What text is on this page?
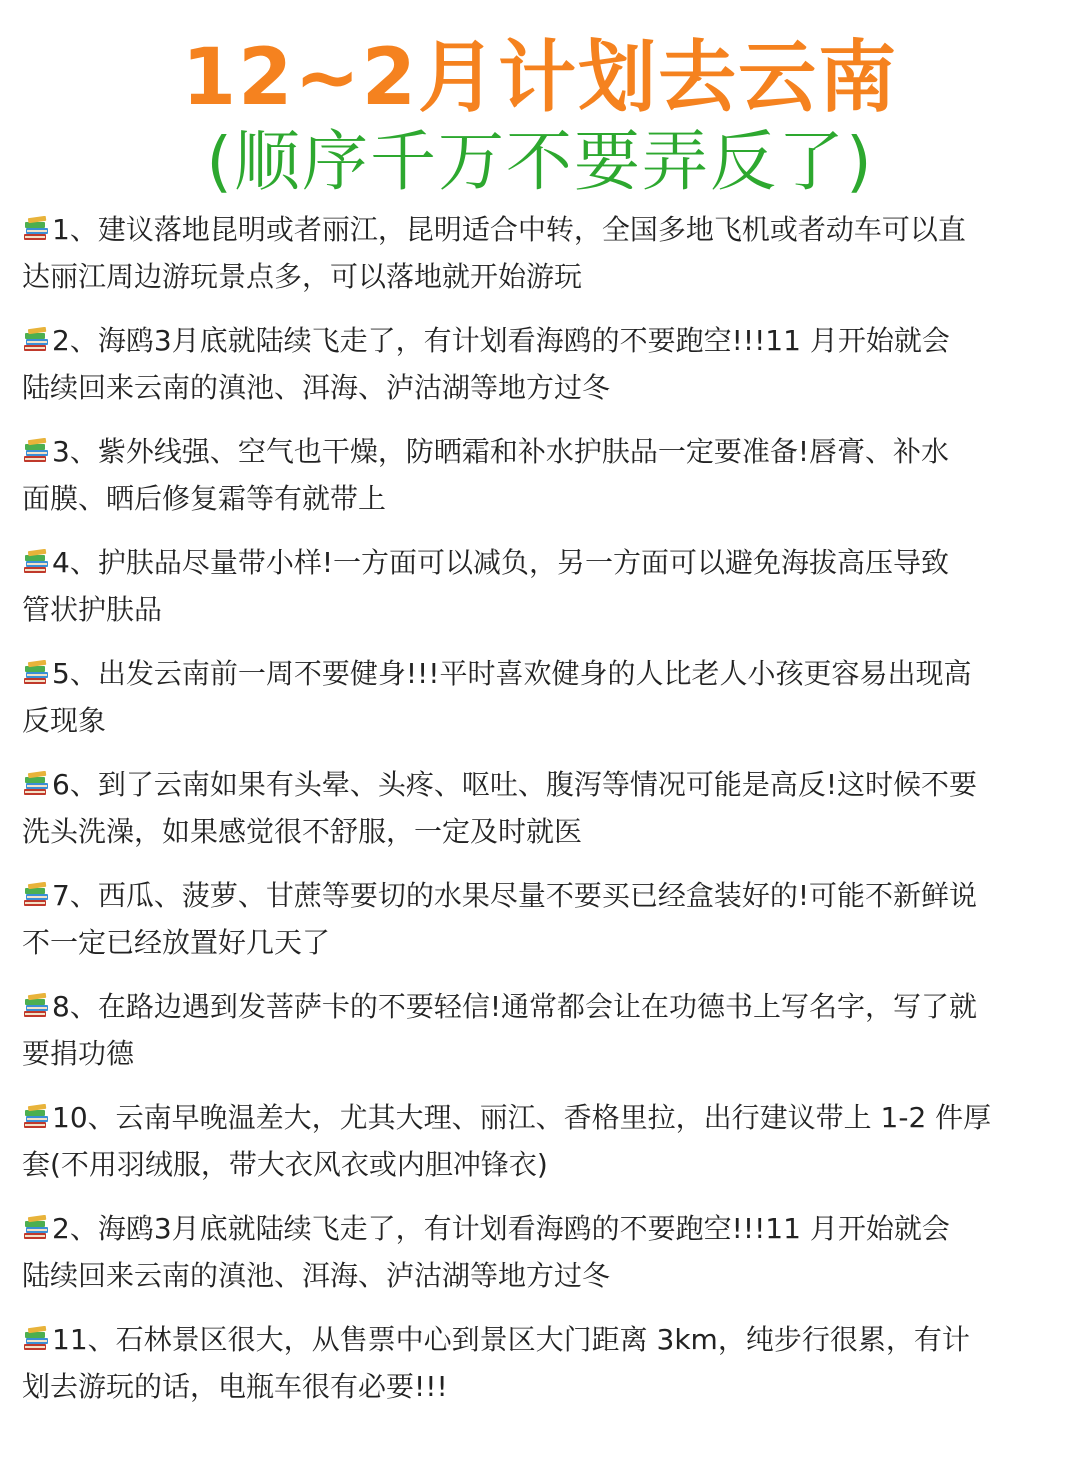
12~2月计划去云南
(顺序千万不要弄反了)
1、建议落地昆明或者丽江，昆明适合中转，全国多地飞机或者动车可以直
达丽江周边游玩景点多，可以落地就开始游玩
2、海鸥3月底就陆续飞走了，有计划看海鸥的不要跑空!!!11 月开始就会
陆续回来云南的滇池、洱海、泸沽湖等地方过冬
3、紫外线强、空气也干燥，防晒霜和补水护肤品一定要准备!唇膏、补水
面膜、晒后修复霜等有就带上
4、护肤品尽量带小样!一方面可以减负，另一方面可以避免海拔高压导致
管状护肤品
5、出发云南前一周不要健身!!!平时喜欢健身的人比老人小孩更容易出现高
反现象
6、到了云南如果有头晕、头疼、呕吐、腹泻等情况可能是高反!这时候不要
洗头洗澡，如果感觉很不舒服，一定及时就医
7、西瓜、菠萝、甘蔗等要切的水果尽量不要买已经盒装好的!可能不新鲜说
不一定已经放置好几天了
8、在路边遇到发菩萨卡的不要轻信!通常都会让在功德书上写名字，写了就
要捐功德
10、云南早晚温差大，尤其大理、丽江、香格里拉，出行建议带上 1-2 件厚
套(不用羽绒服，带大衣风衣或内胆冲锋衣)
2、海鸥3月底就陆续飞走了，有计划看海鸥的不要跑空!!!11 月开始就会
陆续回来云南的滇池、洱海、泸沽湖等地方过冬
11、石林景区很大，从售票中心到景区大门距离 3km，纯步行很累，有计
划去游玩的话，电瓶车很有必要!!!
